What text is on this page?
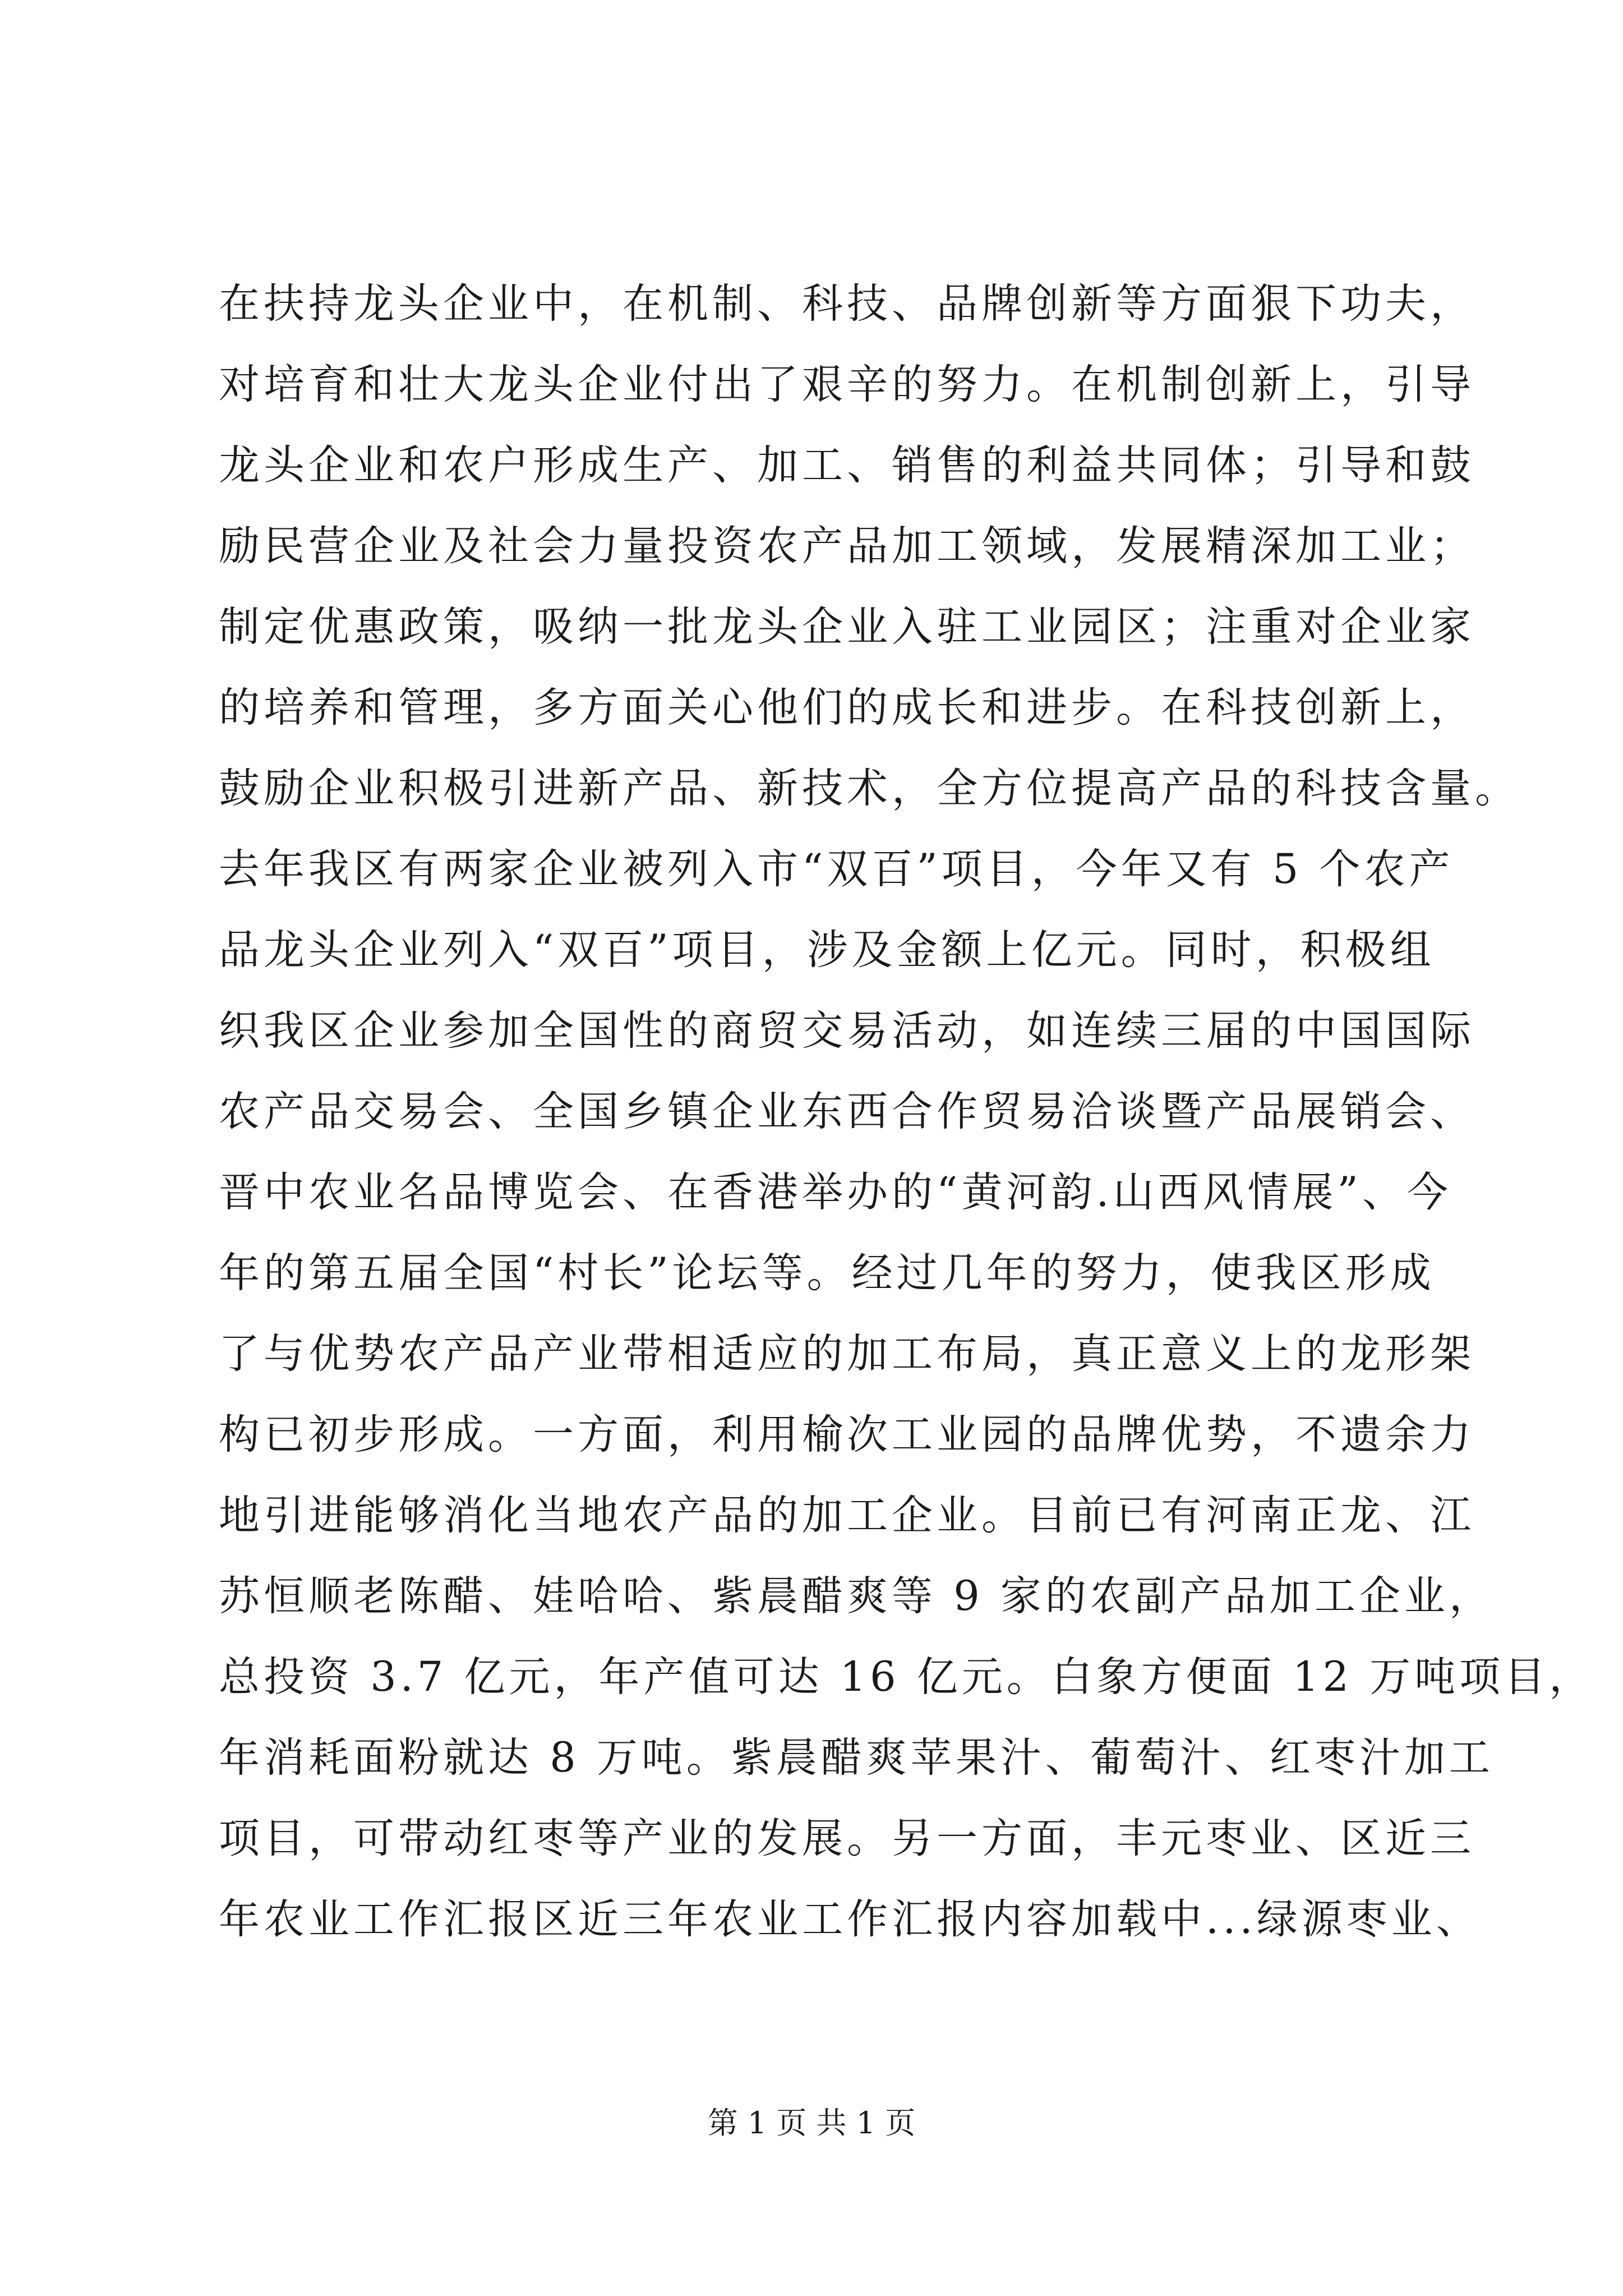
在扶持龙头企业中，在机制、科技、品牌创新等方面狠下功夫，
对培育和壮大龙头企业付出了艰辛的努力。在机制创新上，引导
龙头企业和农户形成生产、加工、销售的利益共同体；引导和鼓
励民营企业及社会力量投资农产品加工领域，发展精深加工业；
制定优惠政策，吸纳一批龙头企业入驻工业园区；注重对企业家
的培养和管理，多方面关心他们的成长和进步。在科技创新上，
鼓励企业积极引进新产品、新技术，全方位提高产品的科技含量。
去年我区有两家企业被列入市“双百”项目，今年又有 5 个农产
品龙头企业列入“双百”项目，涉及金额上亿元。同时，积极组
织我区企业参加全国性的商贸交易活动，如连续三届的中国国际
农产品交易会、全国乡镇企业东西合作贸易洽谈暨产品展销会、
晋中农业名品博览会、在香港举办的“黄河韵.山西风情展”、今
年的第五届全国“村长”论坛等。经过几年的努力，使我区形成
了与优势农产品产业带相适应的加工布局，真正意义上的龙形架
构已初步形成。一方面，利用榆次工业园的品牌优势，不遗余力
地引进能够消化当地农产品的加工企业。目前已有河南正龙、江
苏恒顺老陈醋、娃哈哈、紫晨醋爽等 9 家的农副产品加工企业，
总投资 3.7 亿元，年产值可达 16 亿元。白象方便面 12 万吨项目，
年消耗面粉就达 8 万吨。紫晨醋爽苹果汁、葡萄汁、红枣汁加工
项目，可带动红枣等产业的发展。另一方面，丰元枣业、区近三
年农业工作汇报区近三年农业工作汇报内容加载中...绿源枣业、
第 1 页 共 1 页
